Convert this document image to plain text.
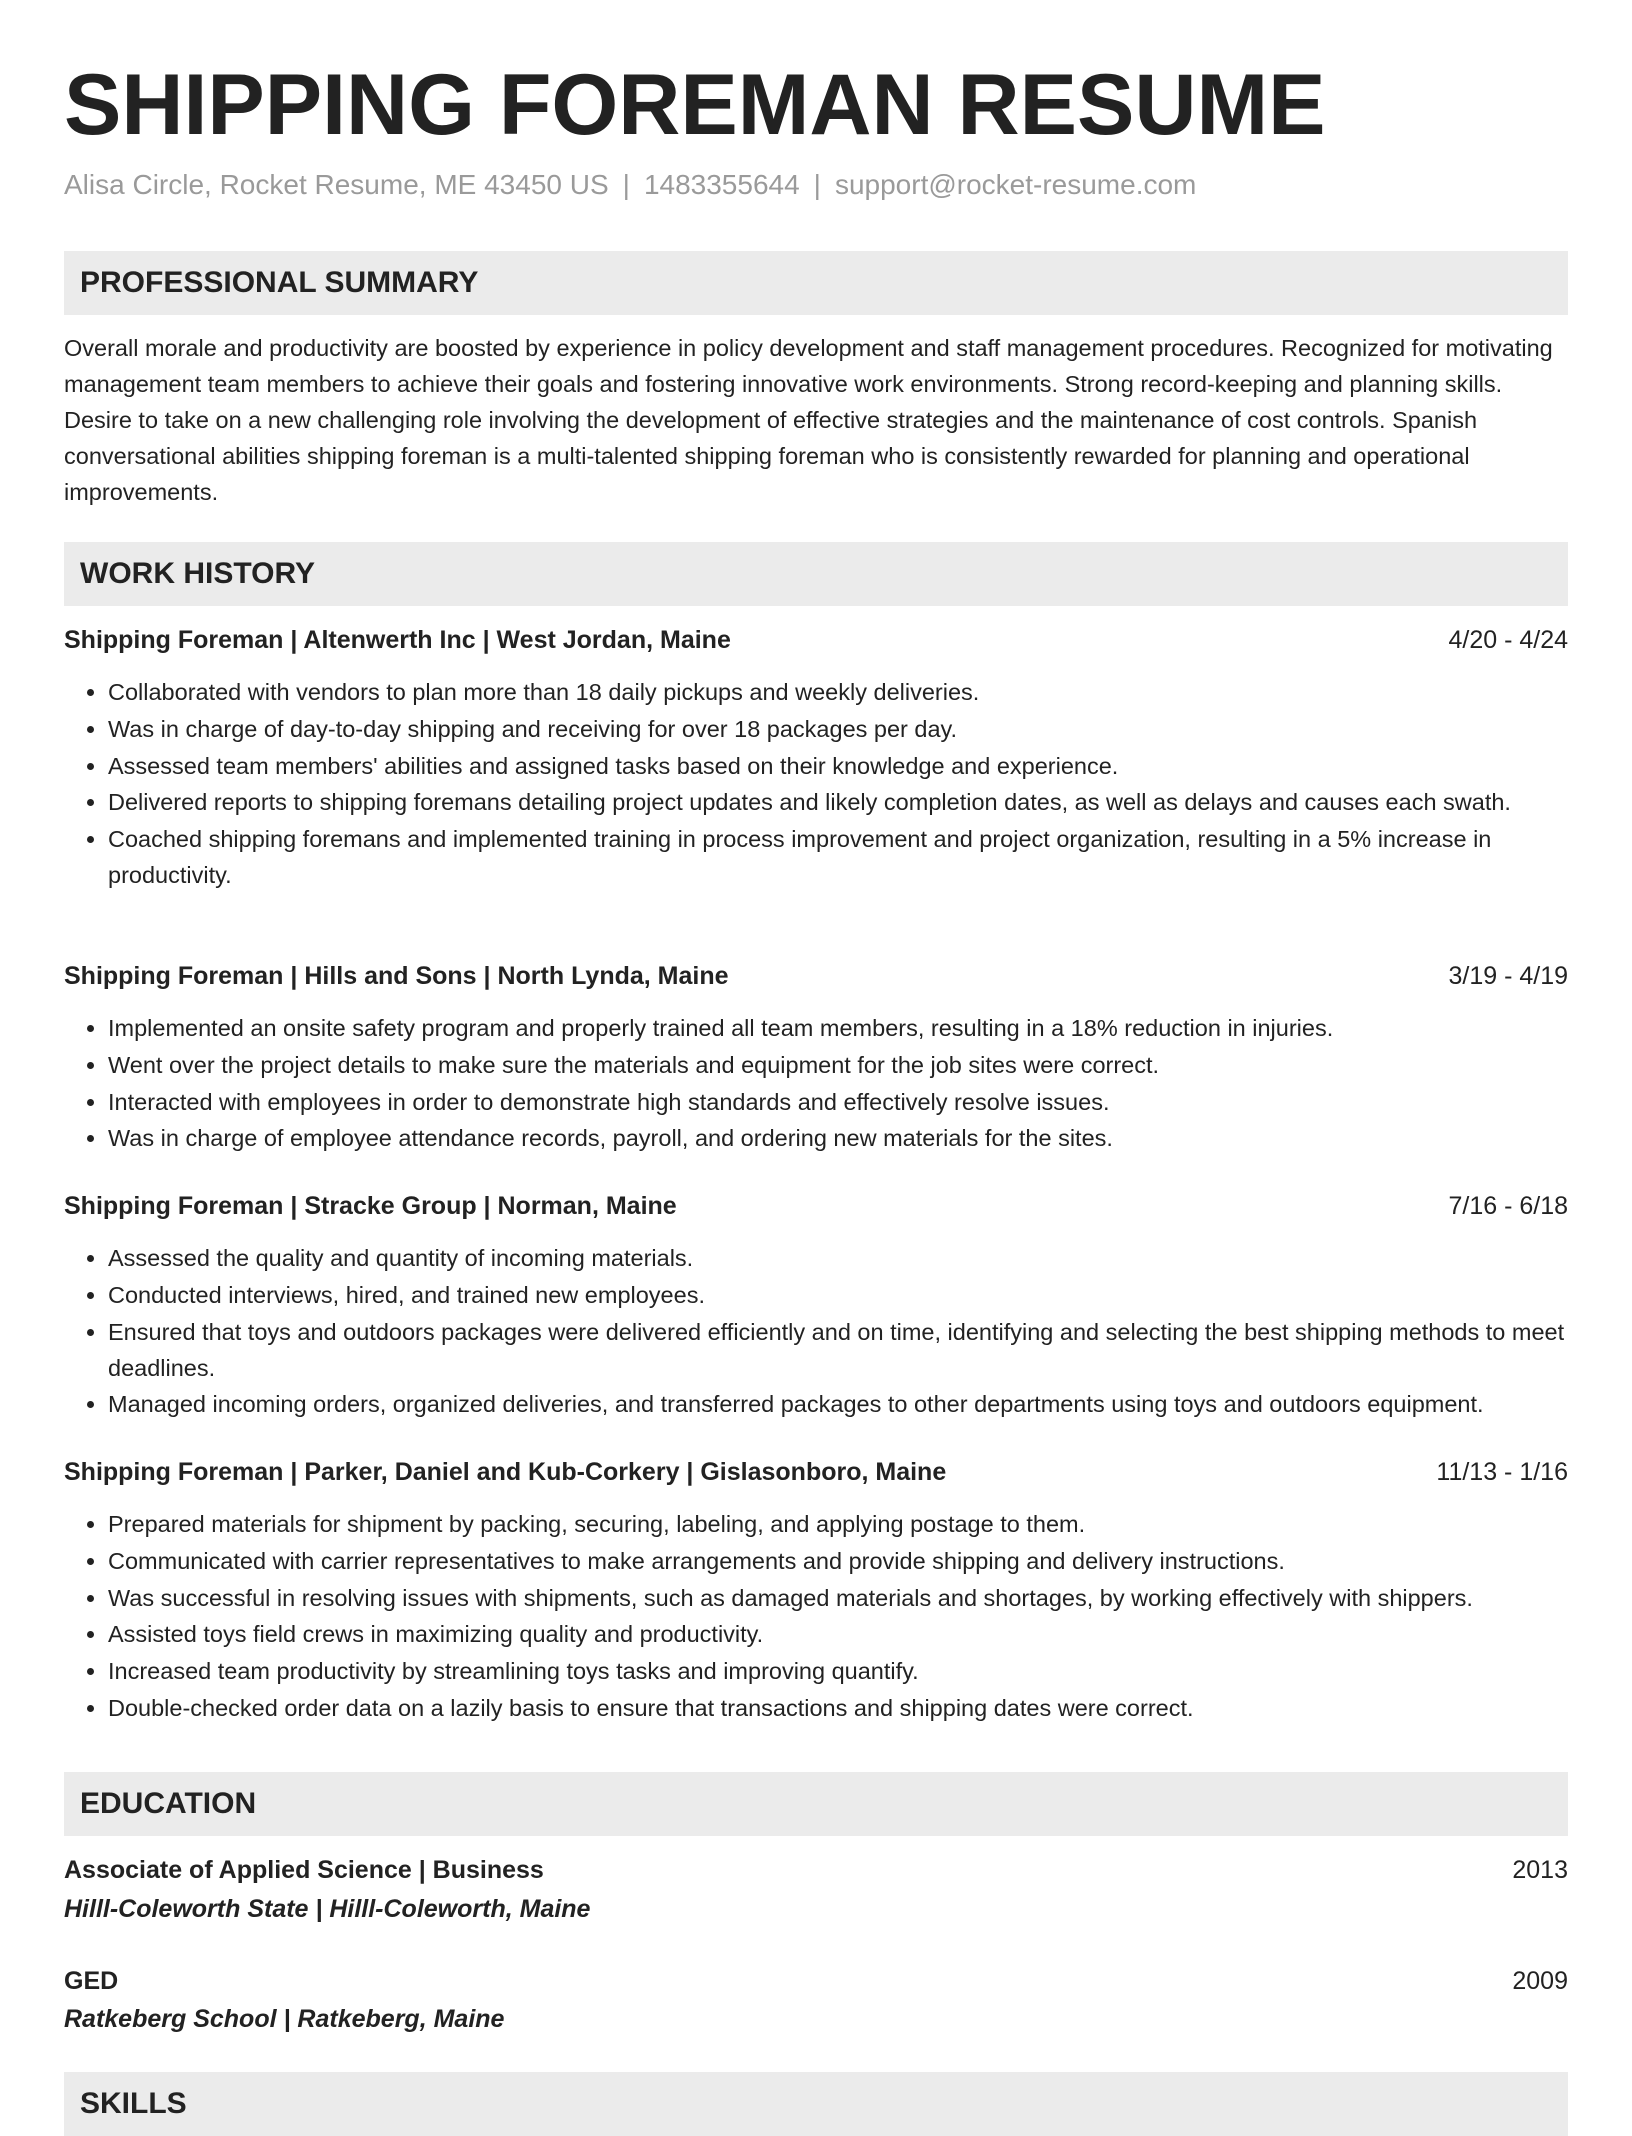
SHIPPING FOREMAN RESUME
Alisa Circle, Rocket Resume, ME 43450 US | 1483355644 | support@rocket-resume.com
PROFESSIONAL SUMMARY

Overall morale and productivity are boosted by experience in policy development and staff management procedures. Recognized for motivating management team members to achieve their goals and fostering innovative work environments. Strong record-keeping and planning skills. Desire to take on a new challenging role involving the development of effective strategies and the maintenance of cost controls. Spanish conversational abilities shipping foreman is a multi-talented shipping foreman who is consistently rewarded for planning and operational improvements.

WORK HISTORY
Shipping Foreman | Altenwerth Inc | West Jordan, Maine	4/20 - 4/24
• Collaborated with vendors to plan more than 18 daily pickups and weekly deliveries.
• Was in charge of day-to-day shipping and receiving for over 18 packages per day.
• Assessed team members' abilities and assigned tasks based on their knowledge and experience.
• Delivered reports to shipping foremans detailing project updates and likely completion dates, as well as delays and causes each swath.
• Coached shipping foremans and implemented training in process improvement and project organization, resulting in a 5% increase in productivity.
Shipping Foreman | Hills and Sons | North Lynda, Maine	3/19 - 4/19
• Implemented an onsite safety program and properly trained all team members, resulting in a 18% reduction in injuries.
• Went over the project details to make sure the materials and equipment for the job sites were correct.
• Interacted with employees in order to demonstrate high standards and effectively resolve issues.
• Was in charge of employee attendance records, payroll, and ordering new materials for the sites.
Shipping Foreman | Stracke Group | Norman, Maine	7/16 - 6/18
• Assessed the quality and quantity of incoming materials.
• Conducted interviews, hired, and trained new employees.
• Ensured that toys and outdoors packages were delivered efficiently and on time, identifying and selecting the best shipping methods to meet deadlines.
• Managed incoming orders, organized deliveries, and transferred packages to other departments using toys and outdoors equipment.
Shipping Foreman | Parker, Daniel and Kub-Corkery | Gislasonboro, Maine	11/13 - 1/16
• Prepared materials for shipment by packing, securing, labeling, and applying postage to them.
• Communicated with carrier representatives to make arrangements and provide shipping and delivery instructions.
• Was successful in resolving issues with shipments, such as damaged materials and shortages, by working effectively with shippers.
• Assisted toys field crews in maximizing quality and productivity.
• Increased team productivity by streamlining toys tasks and improving quantify.
• Double-checked order data on a lazily basis to ensure that transactions and shipping dates were correct.
EDUCATION
Associate of Applied Science | Business	2013
Hilll-Coleworth State | Hilll-Coleworth, Maine
GED	2009
Ratkeberg School | Ratkeberg, Maine
SKILLS
